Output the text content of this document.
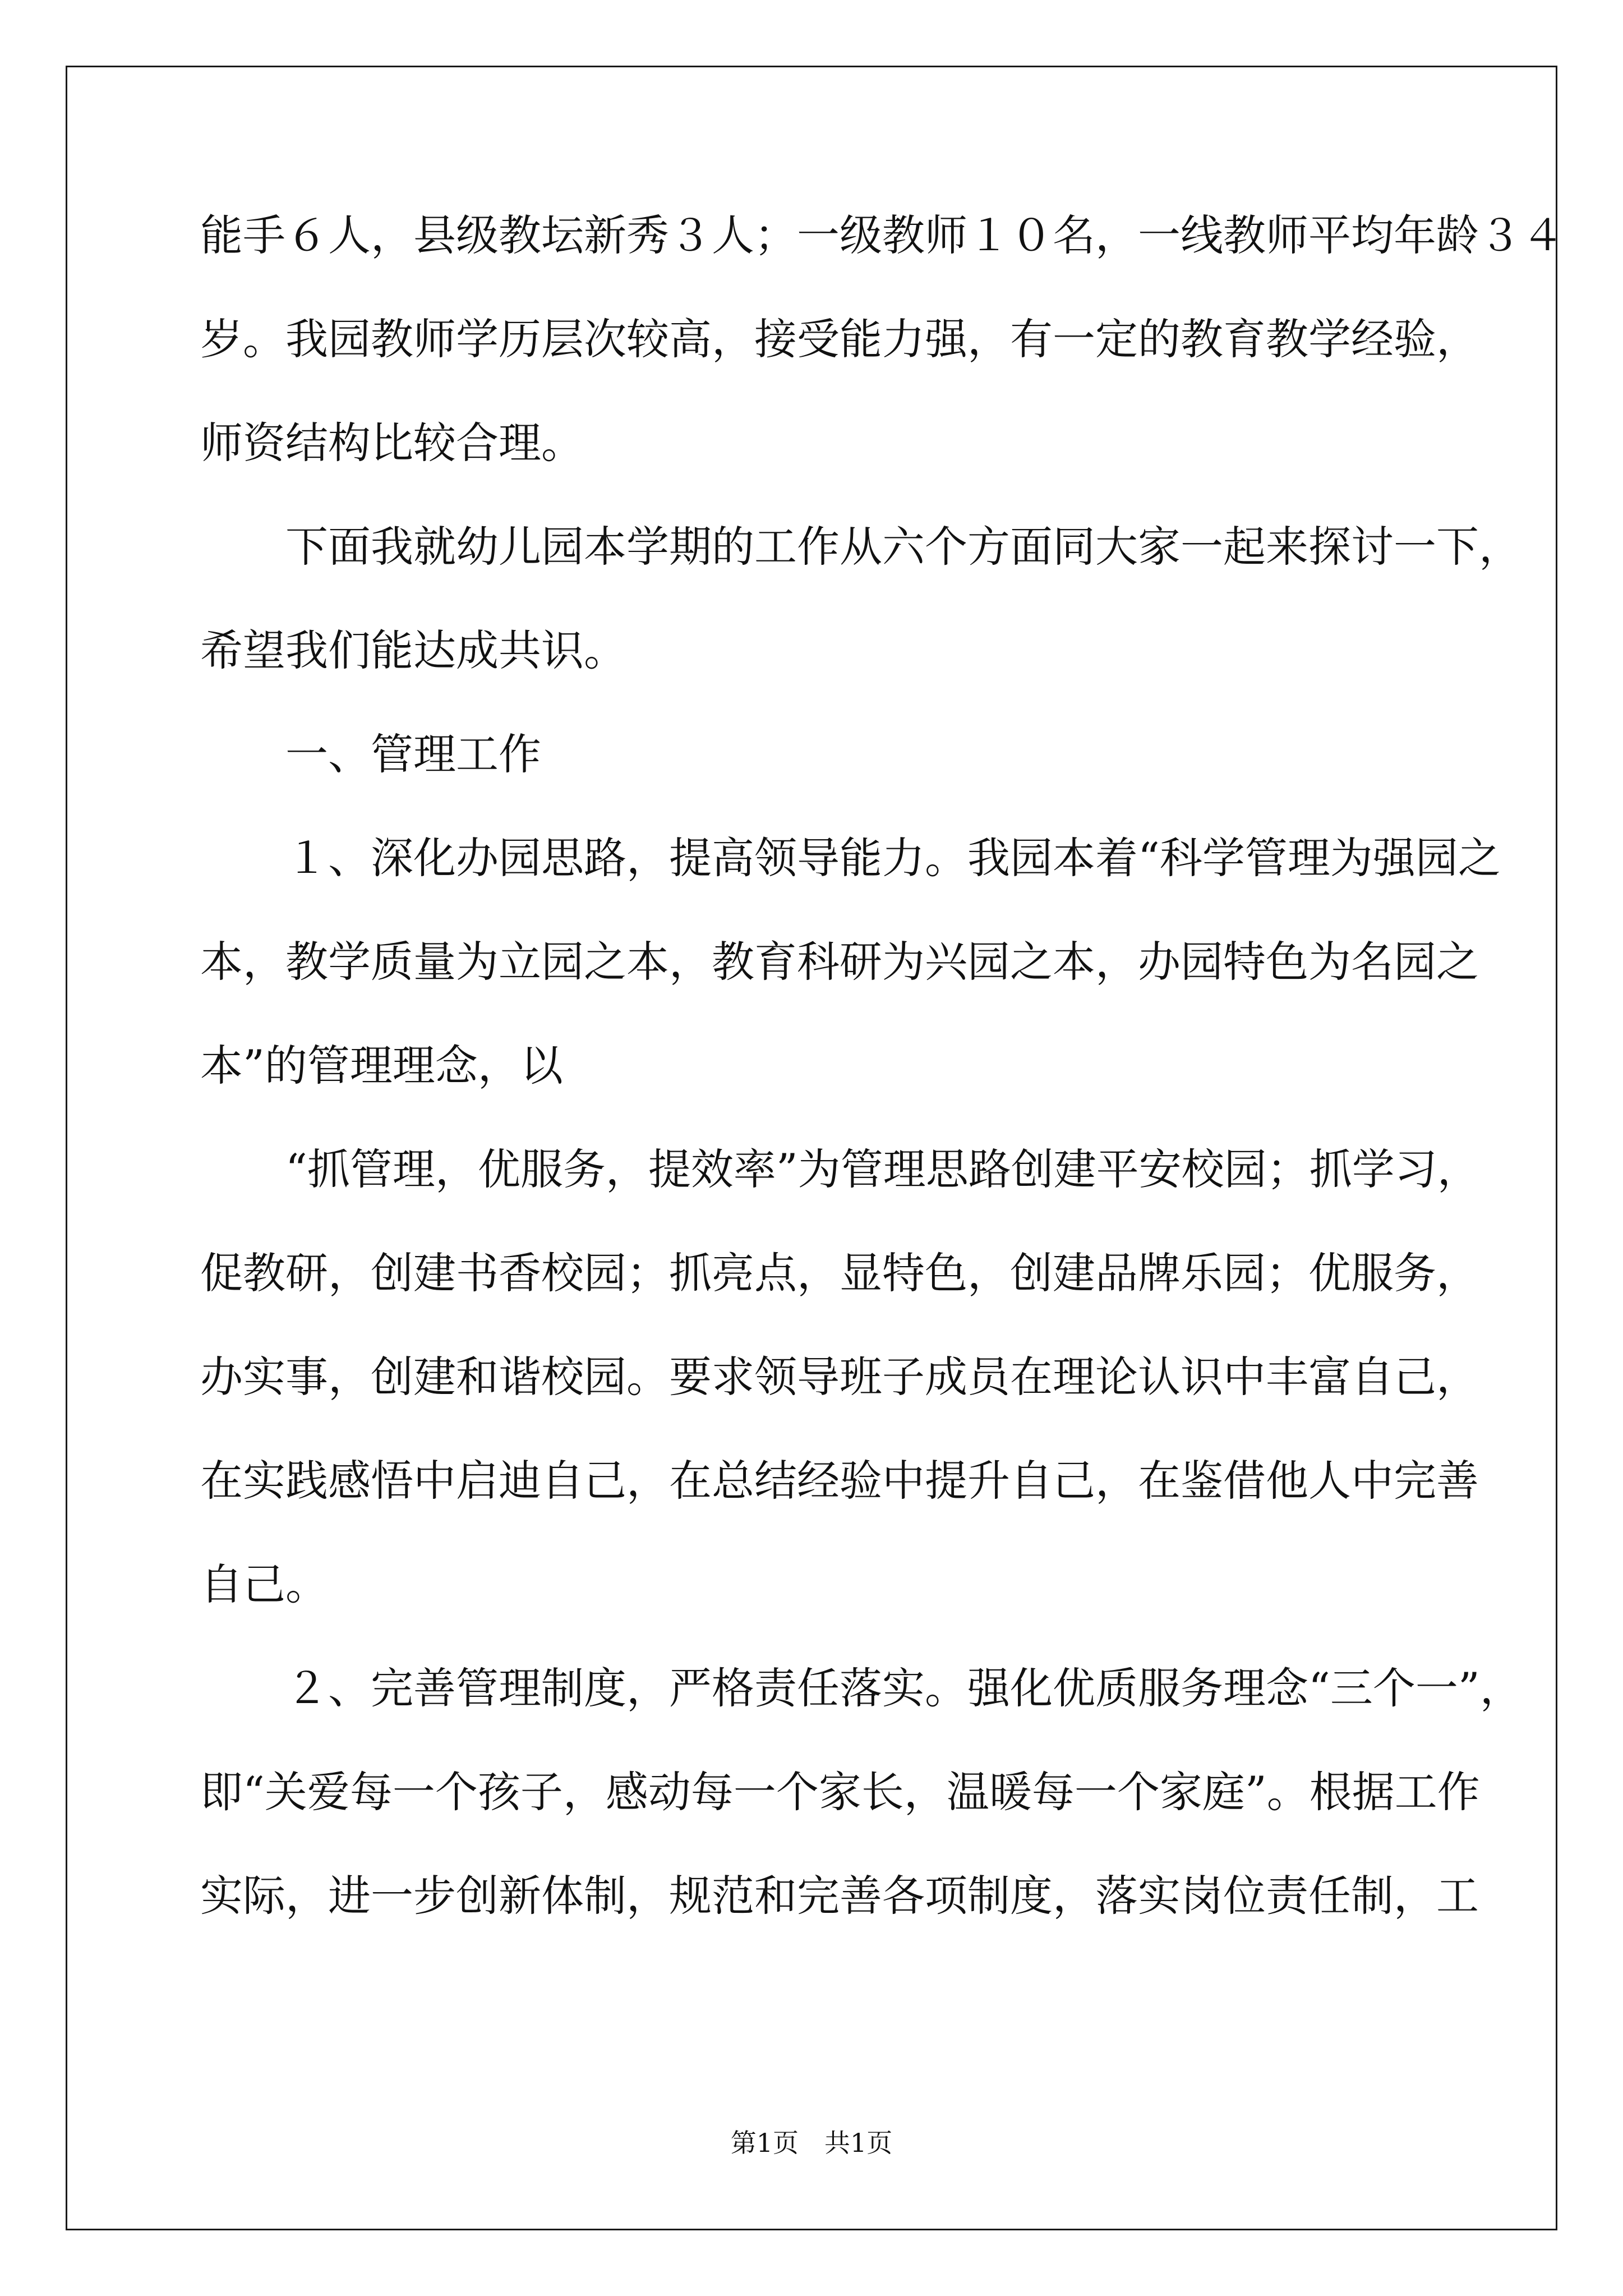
能手６人，县级教坛新秀３人；一级教师１０名，一线教师平均年龄３４
岁。我园教师学历层次较高，接受能力强，有一定的教育教学经验，
师资结构比较合理。
　　下面我就幼儿园本学期的工作从六个方面同大家一起来探讨一下，
希望我们能达成共识。
　　一、管理工作
　　１、深化办园思路，提高领导能力。我园本着“科学管理为强园之
本，教学质量为立园之本，教育科研为兴园之本，办园特色为名园之
本”的管理理念，以
　　“抓管理，优服务，提效率”为管理思路创建平安校园；抓学习，
促教研，创建书香校园；抓亮点，显特色，创建品牌乐园；优服务，
办实事，创建和谐校园。要求领导班子成员在理论认识中丰富自己，
在实践感悟中启迪自己，在总结经验中提升自己，在鉴借他人中完善
自己。
　　２、完善管理制度，严格责任落实。强化优质服务理念“三个一”，
即“关爱每一个孩子，感动每一个家长，温暖每一个家庭”。根据工作
实际，进一步创新体制，规范和完善各项制度，落实岗位责任制，工
第1页　共1页
